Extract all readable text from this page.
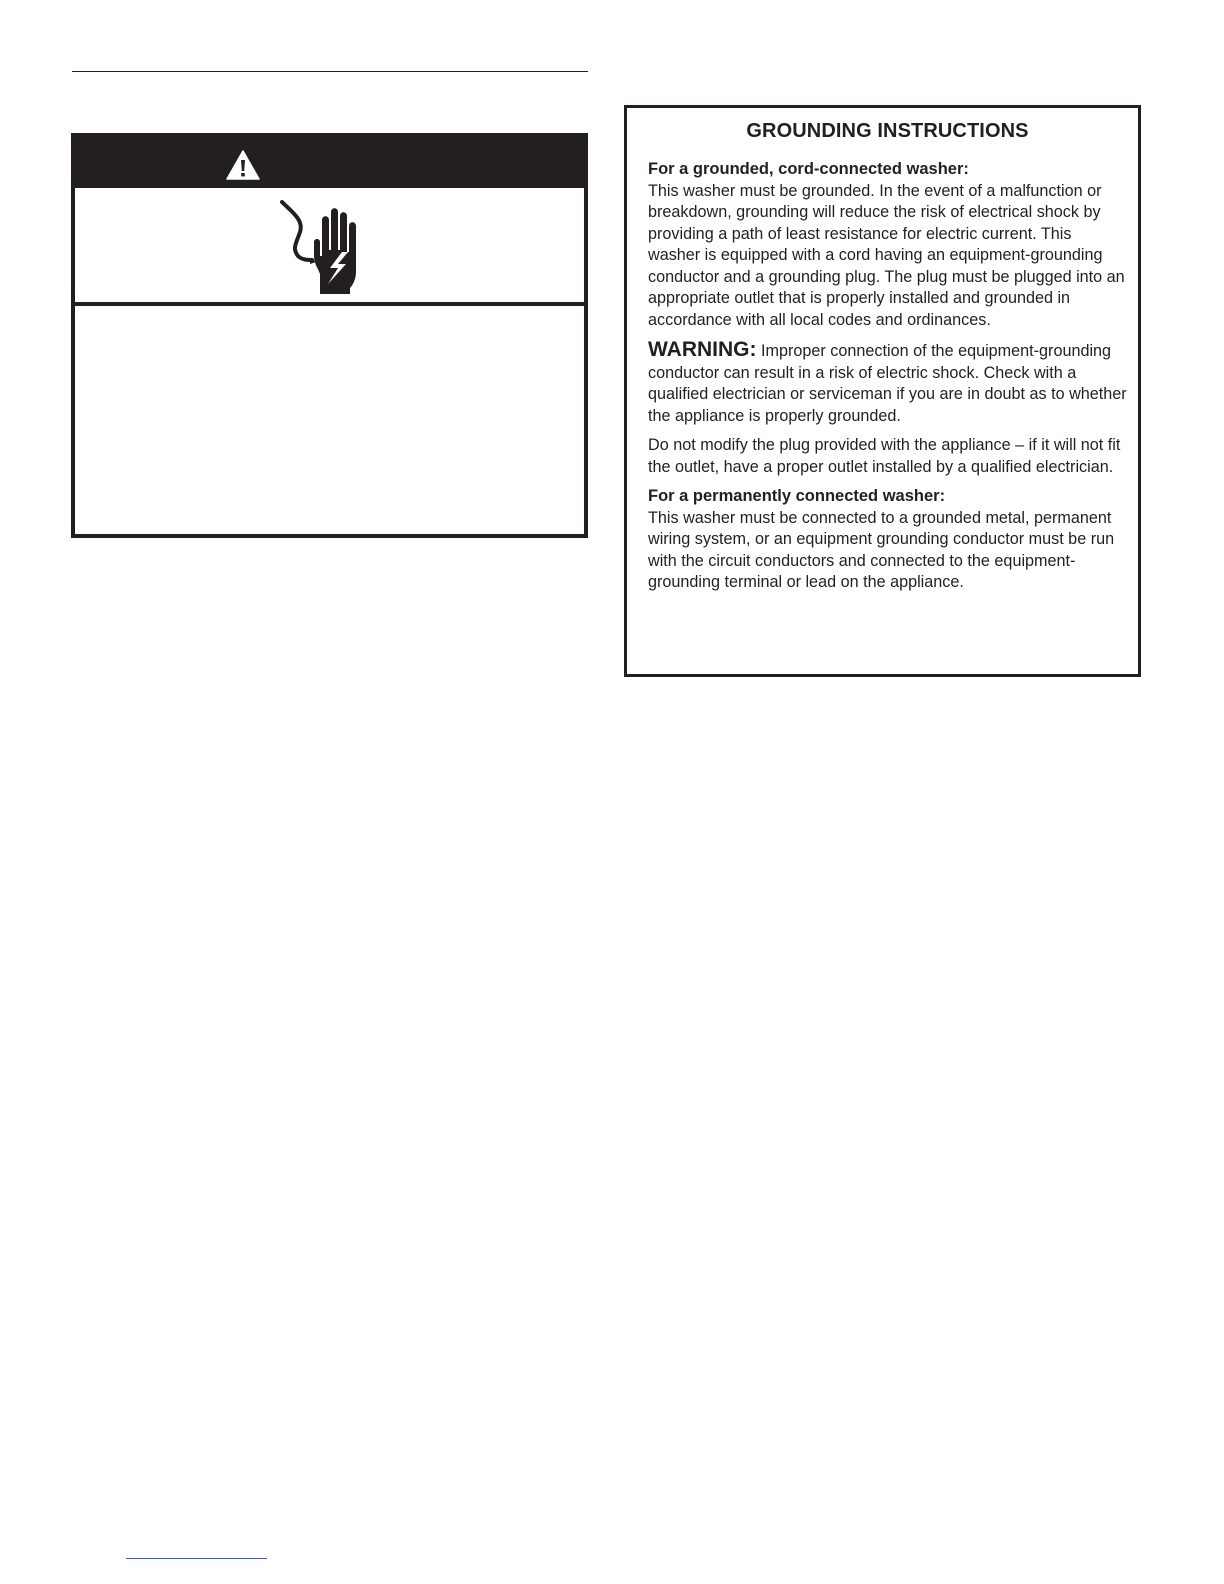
GROUNDING INSTRUCTIONS

For a grounded, cord-connected washer:

This washer must be grounded. In the event of a malfunction or breakdown, grounding will reduce the risk of electrical shock by providing a path of least resistance for electric current. This washer is equipped with a cord having an equipment-grounding conductor and a grounding plug. The plug must be plugged into an appropriate outlet that is properly installed and grounded in accordance with all local codes and ordinances.

WARNING: Improper connection of the equipment-grounding conductor can result in a risk of electric shock. Check with a qualified electrician or serviceman if you are in doubt as to whether the appliance is properly grounded.

Do not modify the plug provided with the appliance – if it will not fit the outlet, have a proper outlet installed by a qualified electrician.

For a permanently connected washer:

This washer must be connected to a grounded metal, permanent wiring system, or an equipment grounding conductor must be run with the circuit conductors and connected to the equipment-grounding terminal or lead on the appliance.
